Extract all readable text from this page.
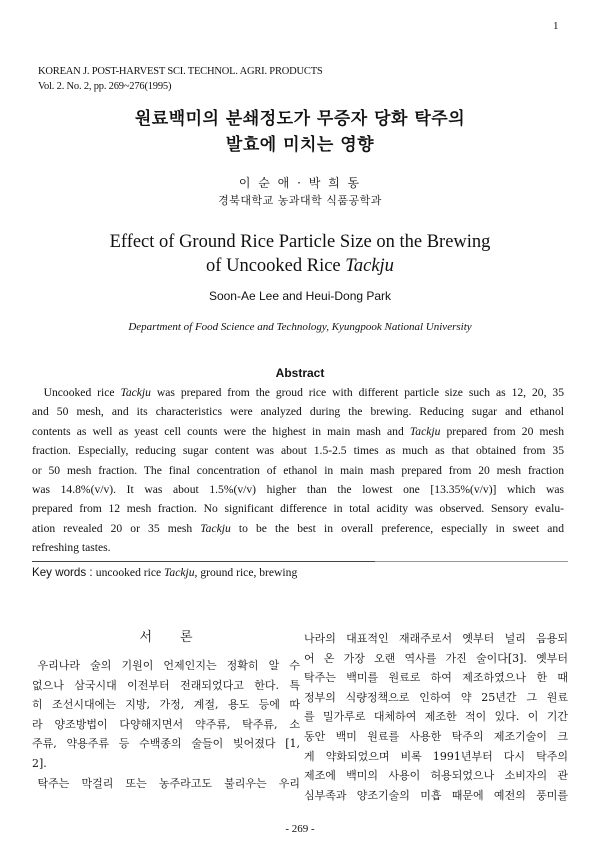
1
KOREAN J. POST-HARVEST SCI. TECHNOL. AGRI. PRODUCTS
Vol. 2. No. 2, pp. 269~276(1995)
원료백미의 분쇄정도가 무증자 당화 탁주의
발효에 미치는 영향
이 순 애 · 박 희 동
경북대학교 농과대학 식품공학과
Effect of Ground Rice Particle Size on the Brewing
of Uncooked Rice Tackju
Soon-Ae Lee and Heui-Dong Park
Department of Food Science and Technology, Kyungpook National University
Abstract
 Uncooked rice Tackju was prepared from the groud rice with different particle size such as 12, 20, 35
and 50 mesh, and its characteristics were analyzed during the brewing. Reducing sugar and ethanol
contents as well as yeast cell counts were the highest in main mash and Tackju prepared from 20 mesh
fraction. Especially, reducing sugar content was about 1.5-2.5 times as much as that obtained from 35
or 50 mesh fraction. The final concentration of ethanol in main mash prepared from 20 mesh fraction
was 14.8%(v/v). It was about 1.5%(v/v) higher than the lowest one [13.35%(v/v)] which was
prepared from 12 mesh fraction. No significant difference in total acidity was observed. Sensory evalu-
ation revealed 20 or 35 mesh Tackju to be the best in overall preference, especially in sweet and
refreshing tastes.
Key words : uncooked rice Tackju, ground rice, brewing
서론
 우리나라 술의 기원이 언제인지는 정확히 알 수
없으나 삼국시대 이전부터 전래되었다고 한다. 특
히 조선시대에는 지방, 가정, 계절, 용도 등에 따
라 양조방법이 다양해지면서 약주류, 탁주류, 소
주류, 약용주류 등 수백종의 술들이 빚어졌다 [1,
2].
 탁주는 막걸리 또는 농주라고도 불리우는 우리
나라의 대표적인 재래주로서 옛부터 널리 음용되
어 온 가장 오랜 역사를 가진 술이다[3]. 옛부터
탁주는 백미를 원료로 하여 제조하였으나 한 때
정부의 식량정책으로 인하여 약 25년간 그 원료
를 밀가루로 대체하여 제조한 적이 있다. 이 기간
동안 백미 원료를 사용한 탁주의 제조기술이 크
게 약화되었으며 비록 1991년부터 다시 탁주의
제조에 백미의 사용이 허용되었으나 소비자의 관
심부족과 양조기술의 미흡 때문에 예전의 풍미를
- 269 -
